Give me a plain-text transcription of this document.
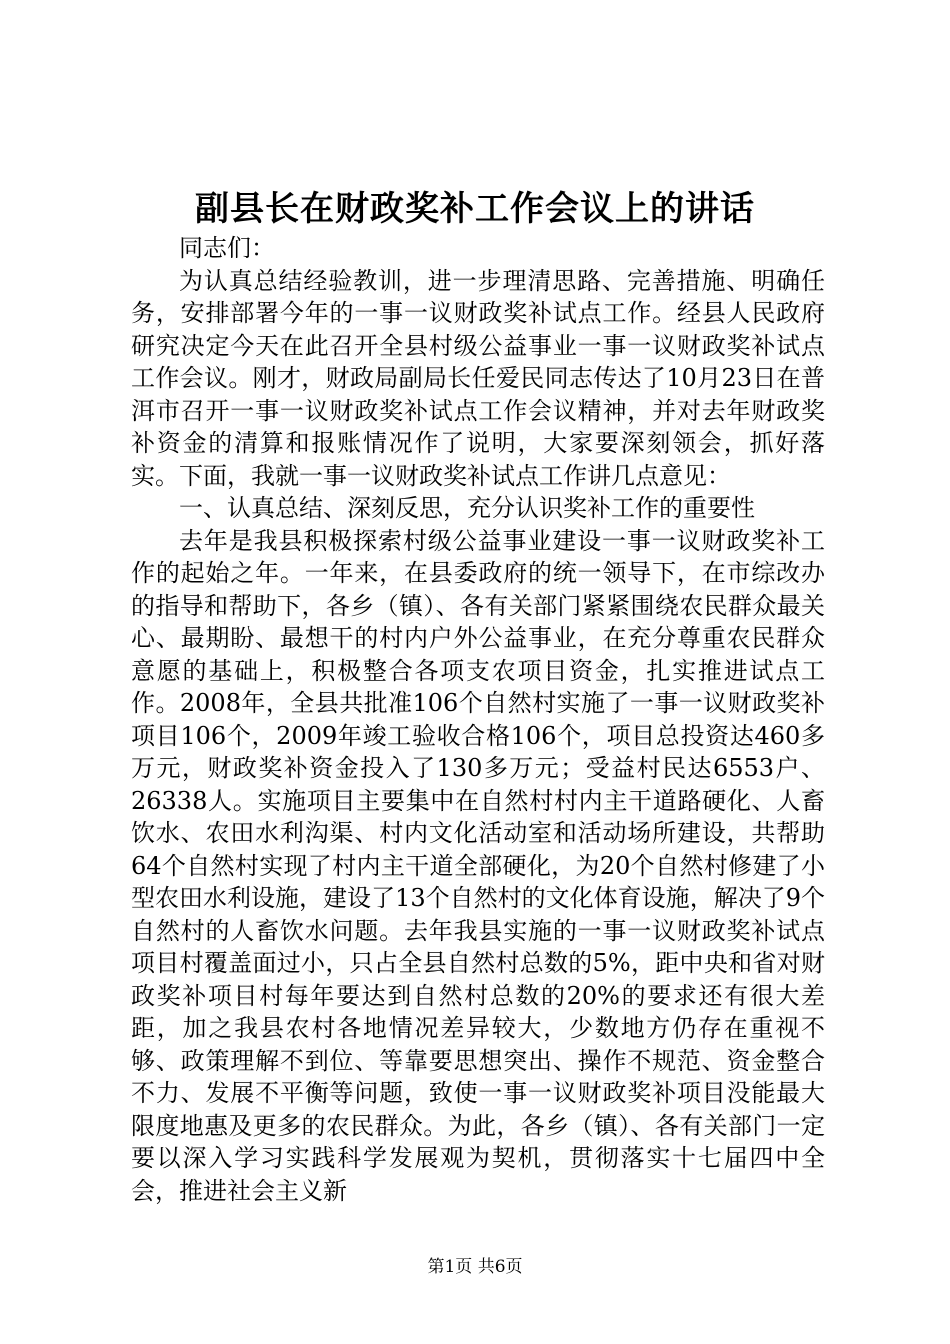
副县长在财政奖补工作会议上的讲话

同志们：

为认真总结经验教训，进一步理清思路、完善措施、明确任务，安排部署今年的一事一议财政奖补试点工作。经县人民政府研究决定今天在此召开全县村级公益事业一事一议财政奖补试点工作会议。刚才，财政局副局长任爱民同志传达了10月23日在普洱市召开一事一议财政奖补试点工作会议精神，并对去年财政奖补资金的清算和报账情况作了说明，大家要深刻领会，抓好落实。下面，我就一事一议财政奖补试点工作讲几点意见：

一、认真总结、深刻反思，充分认识奖补工作的重要性

去年是我县积极探索村级公益事业建设一事一议财政奖补工作的起始之年。一年来，在县委政府的统一领导下，在市综改办的指导和帮助下，各乡（镇）、各有关部门紧紧围绕农民群众最关心、最期盼、最想干的村内户外公益事业，在充分尊重农民群众意愿的基础上，积极整合各项支农项目资金，扎实推进试点工作。2008年，全县共批准106个自然村实施了一事一议财政奖补项目106个，2009年竣工验收合格106个，项目总投资达460多万元，财政奖补资金投入了130多万元；受益村民达6553户、26338人。实施项目主要集中在自然村村内主干道路硬化、人畜饮水、农田水利沟渠、村内文化活动室和活动场所建设，共帮助64个自然村实现了村内主干道全部硬化，为20个自然村修建了小型农田水利设施，建设了13个自然村的文化体育设施，解决了9个自然村的人畜饮水问题。去年我县实施的一事一议财政奖补试点项目村覆盖面过小，只占全县自然村总数的5%，距中央和省对财政奖补项目村每年要达到自然村总数的20%的要求还有很大差距，加之我县农村各地情况差异较大，少数地方仍存在重视不够、政策理解不到位、等靠要思想突出、操作不规范、资金整合不力、发展不平衡等问题，致使一事一议财政奖补项目没能最大限度地惠及更多的农民群众。为此，各乡（镇）、各有关部门一定要以深入学习实践科学发展观为契机，贯彻落实十七届四中全会，推进社会主义新

第1页 共6页
